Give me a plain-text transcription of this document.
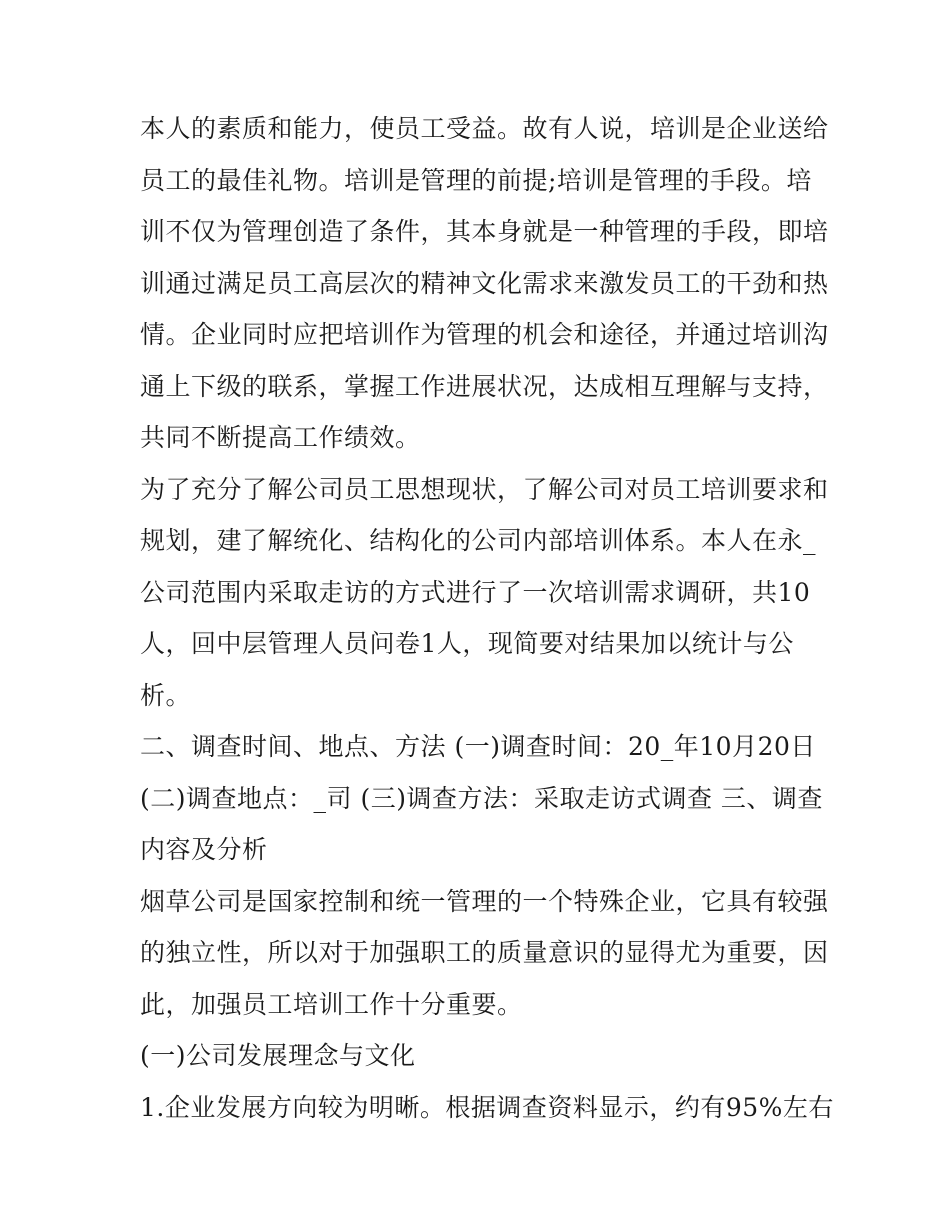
本人的素质和能力，使员工受益。故有人说，培训是企业送给
员工的最佳礼物。培训是管理的前提;培训是管理的手段。培
训不仅为管理创造了条件，其本身就是一种管理的手段，即培
训通过满足员工高层次的精神文化需求来激发员工的干劲和热
情。企业同时应把培训作为管理的机会和途径，并通过培训沟
通上下级的联系，掌握工作进展状况，达成相互理解与支持，
共同不断提高工作绩效。
为了充分了解公司员工思想现状，了解公司对员工培训要求和
规划，建了解统化、结构化的公司内部培训体系。本人在永_
公司范围内采取走访的方式进行了一次培训需求调研，共10
人，回中层管理人员问卷1人，现简要对结果加以统计与公
析。
二、调查时间、地点、方法 (一)调查时间：20_年10月20日
(二)调查地点：_司 (三)调查方法：采取走访式调查 三、调查
内容及分析
烟草公司是国家控制和统一管理的一个特殊企业，它具有较强
的独立性，所以对于加强职工的质量意识的显得尤为重要，因
此，加强员工培训工作十分重要。
(一)公司发展理念与文化
1.企业发展方向较为明晰。根据调查资料显示，约有95%左右
